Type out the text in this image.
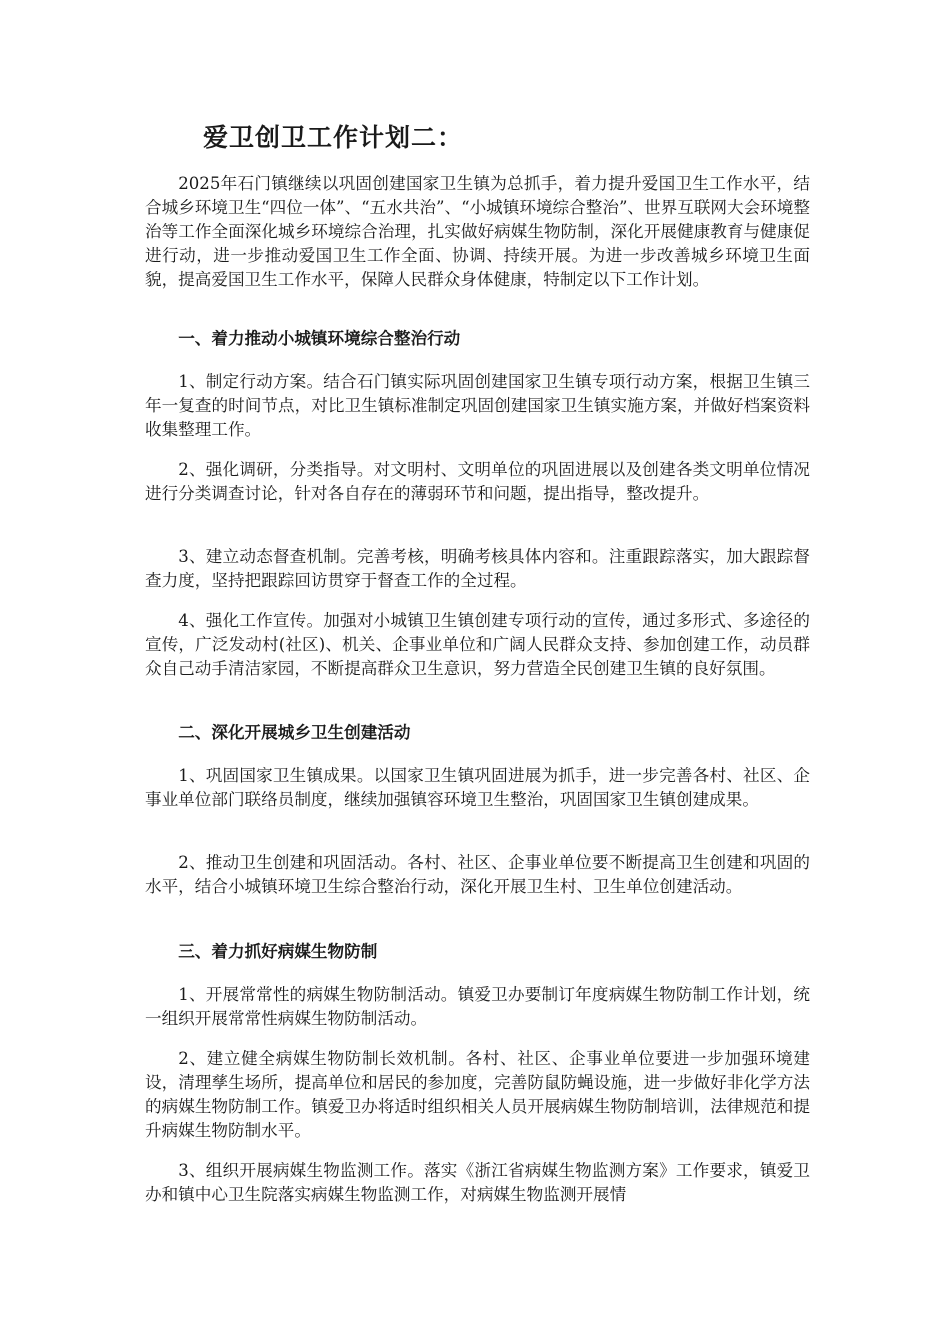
爱卫创卫工作计划二：
2025年石门镇继续以巩固创建国家卫生镇为总抓手，着力提升爱国卫生工作水平，结合城乡环境卫生“四位一体”、“五水共治”、“小城镇环境综合整治”、世界互联网大会环境整治等工作全面深化城乡环境综合治理，扎实做好病媒生物防制，深化开展健康教育与健康促进行动，进一步推动爱国卫生工作全面、协调、持续开展。为进一步改善城乡环境卫生面貌，提高爱国卫生工作水平，保障人民群众身体健康，特制定以下工作计划。
一、着力推动小城镇环境综合整治行动
1、制定行动方案。结合石门镇实际巩固创建国家卫生镇专项行动方案，根据卫生镇三年一复查的时间节点，对比卫生镇标准制定巩固创建国家卫生镇实施方案，并做好档案资料收集整理工作。
2、强化调研，分类指导。对文明村、文明单位的巩固进展以及创建各类文明单位情况进行分类调查讨论，针对各自存在的薄弱环节和问题，提出指导，整改提升。
3、建立动态督查机制。完善考核，明确考核具体内容和。注重跟踪落实，加大跟踪督查力度，坚持把跟踪回访贯穿于督查工作的全过程。
4、强化工作宣传。加强对小城镇卫生镇创建专项行动的宣传，通过多形式、多途径的宣传，广泛发动村(社区)、机关、企事业单位和广阔人民群众支持、参加创建工作，动员群众自己动手清洁家园，不断提高群众卫生意识，努力营造全民创建卫生镇的良好氛围。
二、深化开展城乡卫生创建活动
1、巩固国家卫生镇成果。以国家卫生镇巩固进展为抓手，进一步完善各村、社区、企事业单位部门联络员制度，继续加强镇容环境卫生整治，巩固国家卫生镇创建成果。
2、推动卫生创建和巩固活动。各村、社区、企事业单位要不断提高卫生创建和巩固的水平，结合小城镇环境卫生综合整治行动，深化开展卫生村、卫生单位创建活动。
三、着力抓好病媒生物防制
1、开展常常性的病媒生物防制活动。镇爱卫办要制订年度病媒生物防制工作计划，统一组织开展常常性病媒生物防制活动。
2、建立健全病媒生物防制长效机制。各村、社区、企事业单位要进一步加强环境建设，清理孳生场所，提高单位和居民的参加度，完善防鼠防蝇设施，进一步做好非化学方法的病媒生物防制工作。镇爱卫办将适时组织相关人员开展病媒生物防制培训，法律规范和提升病媒生物防制水平。
3、组织开展病媒生物监测工作。落实《浙江省病媒生物监测方案》工作要求，镇爱卫办和镇中心卫生院落实病媒生物监测工作，对病媒生物监测开展情
